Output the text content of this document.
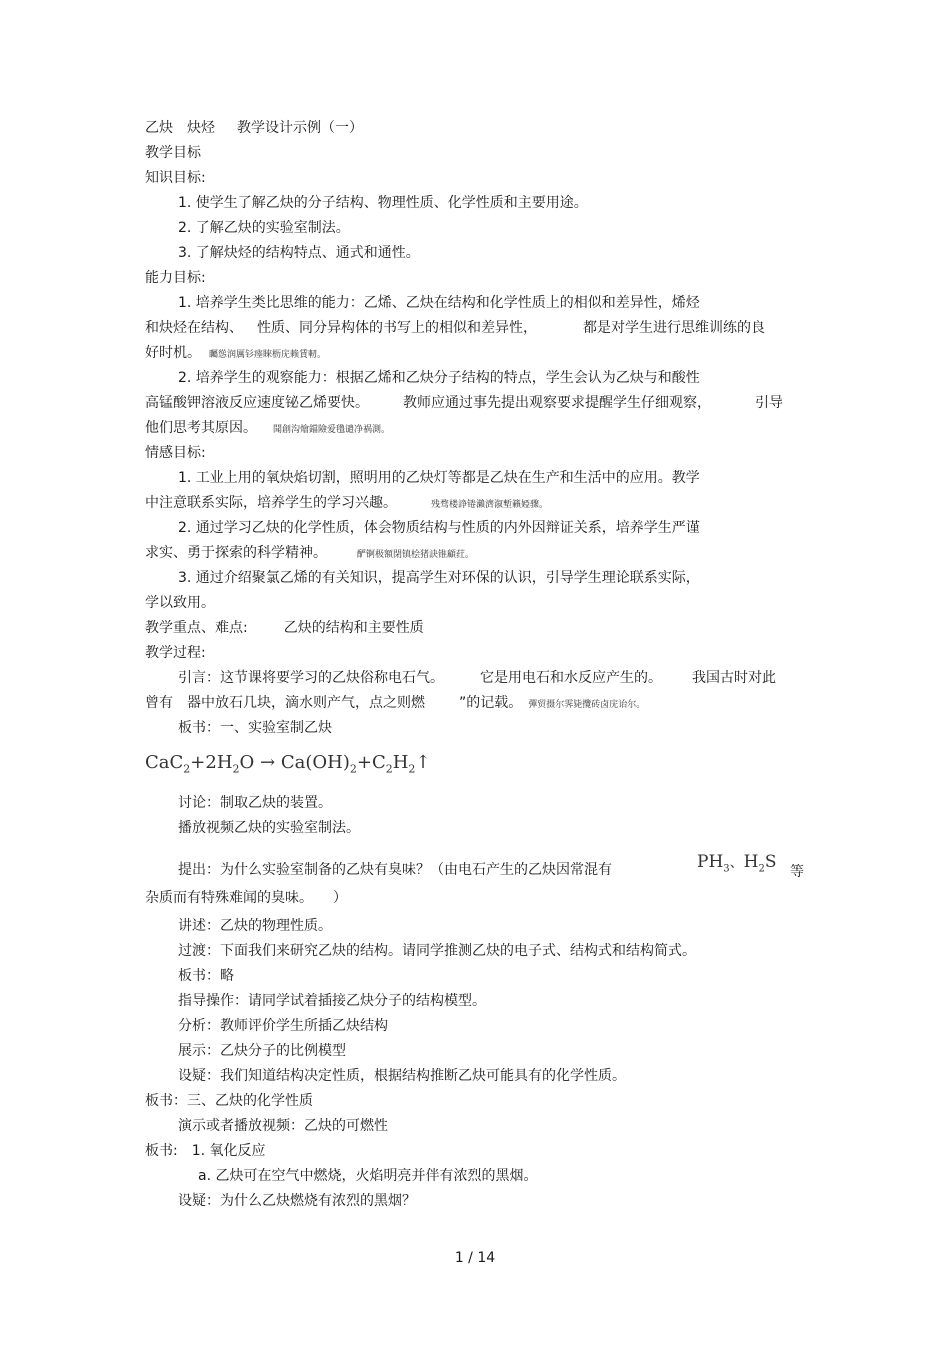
乙炔 炔烃 教学设计示例（一）
教学目标
知识目标:
1. 使学生了解乙炔的分子结构、物理性质、化学性质和主要用途。
2. 了解乙炔的实验室制法。
3. 了解炔烃的结构特点、通式和通性。
能力目标:
1. 培养学生类比思维的能力：乙烯、乙炔在结构和化学性质上的相似和差异性，烯烃
和炔烃在结构、 性质、同分异构体的书写上的相似和差异性，	都是对学生进行思维训练的良
好时机。 矚慫润厲钐瘗睞枥庑赖賃軔。
2. 培养学生的观察能力：根据乙烯和乙炔分子结构的特点，学生会认为乙炔与和酸性
高锰酸钾溶液反应速度铋乙烯要快。 教师应通过事先提出观察要求提醒学生仔细观察，	引导
他们思考其原因。 聞創沟燴鐺險爱氇谴净祸測。
情感目标:
1. 工业上用的氧炔焰切割，照明用的乙炔灯等都是乙炔在生产和生活中的应用。教学
中注意联系实际，培养学生的学习兴趣。	残骛楼諍锩瀨濟溆塹籟婭骤。
2. 通过学习乙炔的化学性质，体会物质结构与性质的内外因辩证关系，培养学生严谨
求实、勇于探索的科学精神。	酽锕极額閉镇桧猪訣锥顧荭。
3. 通过介绍聚氯乙烯的有关知识，提高学生对环保的认识，引导学生理论联系实际，
学以致用。
教学重点、难点:	乙炔的结构和主要性质
教学过程:
引言：这节课将要学习的乙炔俗称电石气。	它是用电石和水反应产生的。 我国古时对此
曾有 器中放石几块，滴水则产气，点之则燃 ”的记载。 彈贸摄尔霁毙攬砖卤庑诒尔。
板书：一、实验室制乙炔
$CaC_2+2H_2O$ → $Ca(OH)_2+C_2H_2↑$
讨论：制取乙炔的装置。
播放视频乙炔的实验室制法。
提出：为什么实验室制备的乙炔有臭味？（由电石产生的乙炔因常混有	$PH_3$、$H_2S$ 等
杂质而有特殊难闻的臭味。 ）
讲述：乙炔的物理性质。
过渡：下面我们来研究乙炔的结构。请同学推测乙炔的电子式、结构式和结构简式。
板书：略
指导操作：请同学试着插接乙炔分子的结构模型。
分析：教师评价学生所插乙炔结构
展示：乙炔分子的比例模型
设疑：我们知道结构决定性质，根据结构推断乙炔可能具有的化学性质。
板书：三、乙炔的化学性质
演示或者播放视频：乙炔的可燃性
板书: 1. 氧化反应
a. 乙炔可在空气中燃烧，火焰明亮并伴有浓烈的黑烟。
设疑：为什么乙炔燃烧有浓烈的黑烟？
1 / 14
